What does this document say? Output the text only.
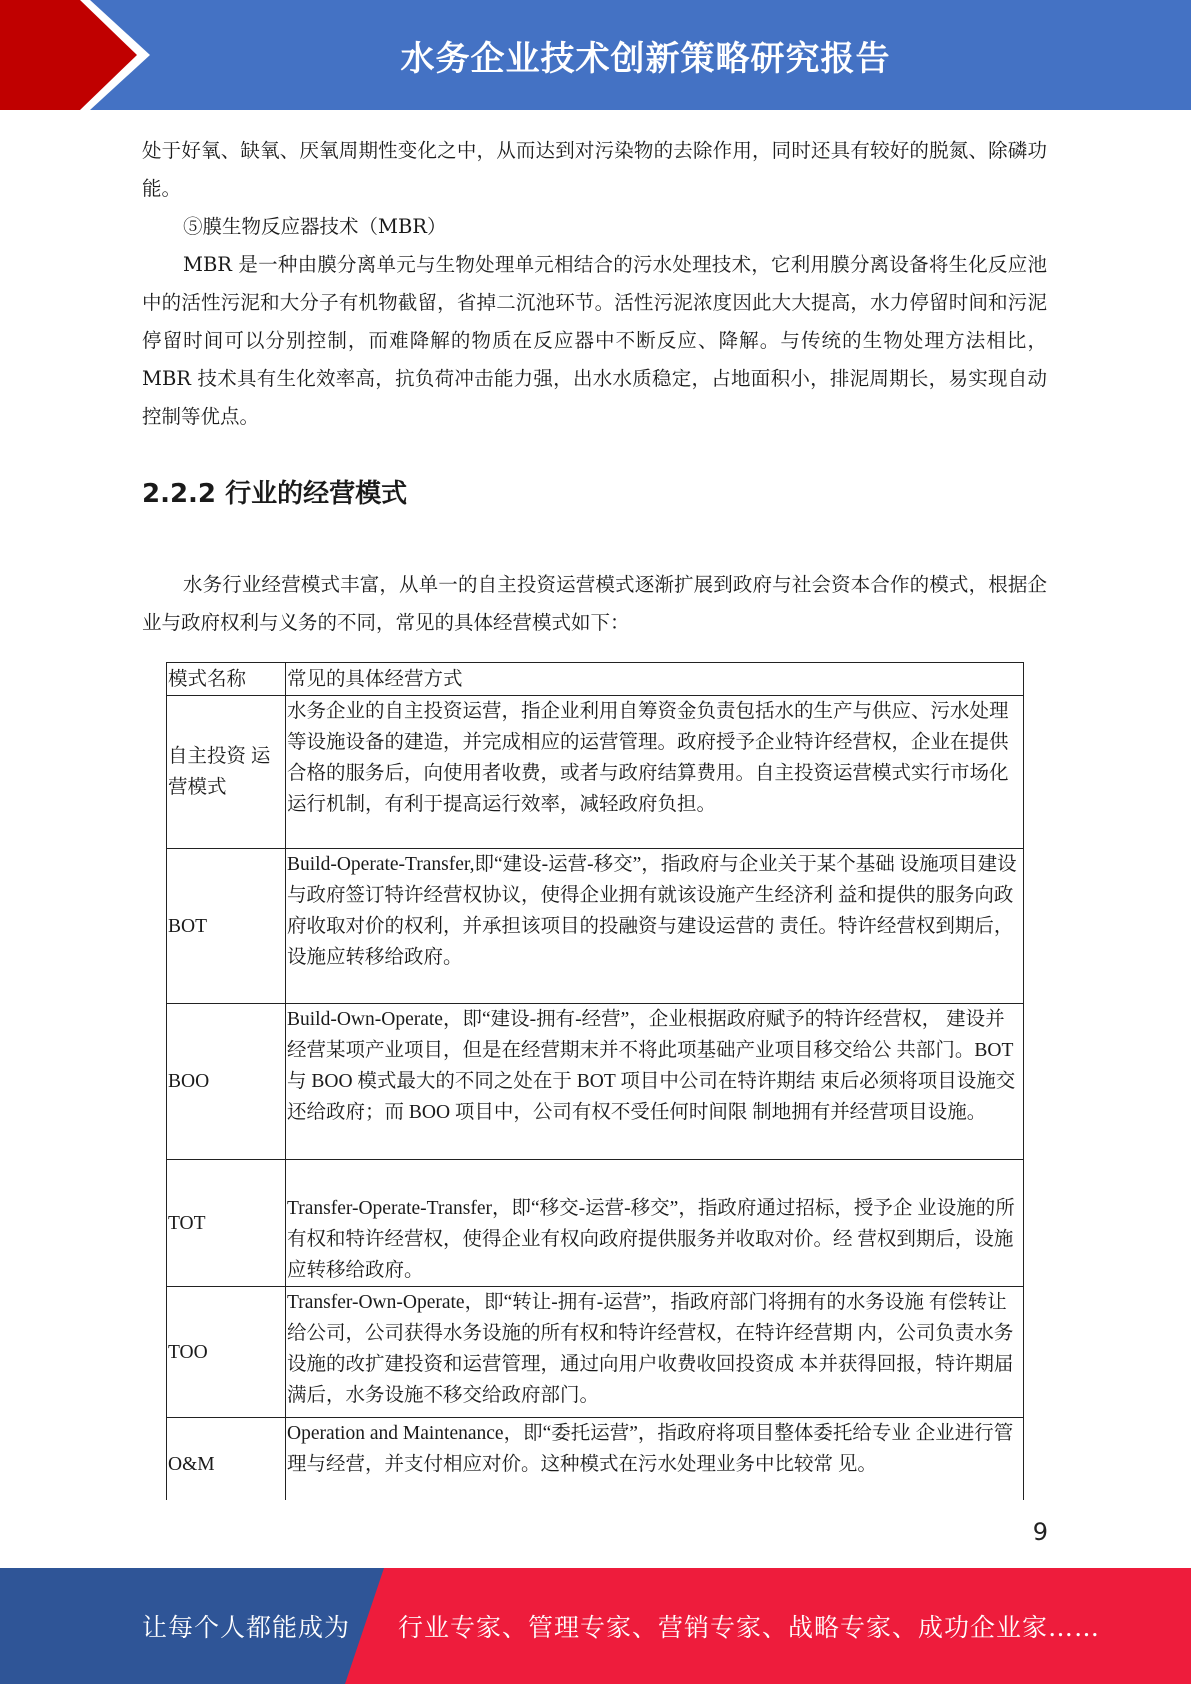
水务企业技术创新策略研究报告

处于好氧、缺氧、厌氧周期性变化之中，从而达到对污染物的去除作用，同时还具有较好的脱氮、除磷功能。

⑤膜生物反应器技术（MBR）

MBR 是一种由膜分离单元与生物处理单元相结合的污水处理技术，它利用膜分离设备将生化反应池中的活性污泥和大分子有机物截留，省掉二沉池环节。活性污泥浓度因此大大提高，水力停留时间和污泥停留时间可以分别控制，而难降解的物质在反应器中不断反应、降解。与传统的生物处理方法相比，MBR 技术具有生化效率高，抗负荷冲击能力强，出水水质稳定，占地面积小，排泥周期长，易实现自动控制等优点。

2.2.2 行业的经营模式

水务行业经营模式丰富，从单一的自主投资运营模式逐渐扩展到政府与社会资本合作的模式，根据企业与政府权利与义务的不同，常见的具体经营模式如下：

模式名称	常见的具体经营方式
自主投资 运营模式	水务企业的自主投资运营，指企业利用自筹资金负责包括水的生产与供应、污水处理等设施设备的建造，并完成相应的运营管理。政府授予企业特许经营权，企业在提供合格的服务后，向使用者收费，或者与政府结算费用。自主投资运营模式实行市场化运行机制，有利于提高运行效率，减轻政府负担。
BOT	Build-Operate-Transfer,即“建设-运营-移交”，指政府与企业关于某个基础 设施项目建设与政府签订特许经营权协议，使得企业拥有就该设施产生经济利 益和提供的服务向政府收取对价的权利，并承担该项目的投融资与建设运营的 责任。特许经营权到期后，设施应转移给政府。
BOO	Build-Own-Operate，即“建设-拥有-经营”，企业根据政府赋予的特许经营权， 建设并经营某项产业项目，但是在经营期末并不将此项基础产业项目移交给公 共部门。BOT 与 BOO 模式最大的不同之处在于 BOT 项目中公司在特许期结 束后必须将项目设施交还给政府；而 BOO 项目中，公司有权不受任何时间限 制地拥有并经营项目设施。
TOT	Transfer-Operate-Transfer，即“移交-运营-移交”，指政府通过招标，授予企 业设施的所有权和特许经营权，使得企业有权向政府提供服务并收取对价。经 营权到期后，设施应转移给政府。
TOO	Transfer-Own-Operate，即“转让-拥有-运营”，指政府部门将拥有的水务设施 有偿转让给公司，公司获得水务设施的所有权和特许经营权，在特许经营期 内，公司负责水务设施的改扩建投资和运营管理，通过向用户收费收回投资成 本并获得回报，特许期届满后，水务设施不移交给政府部门。
O&M	Operation and Maintenance，即“委托运营”，指政府将项目整体委托给专业 企业进行管理与经营，并支付相应对价。这种模式在污水处理业务中比较常 见。
9
让每个人都能成为 行业专家、管理专家、营销专家、战略专家、成功企业家……
